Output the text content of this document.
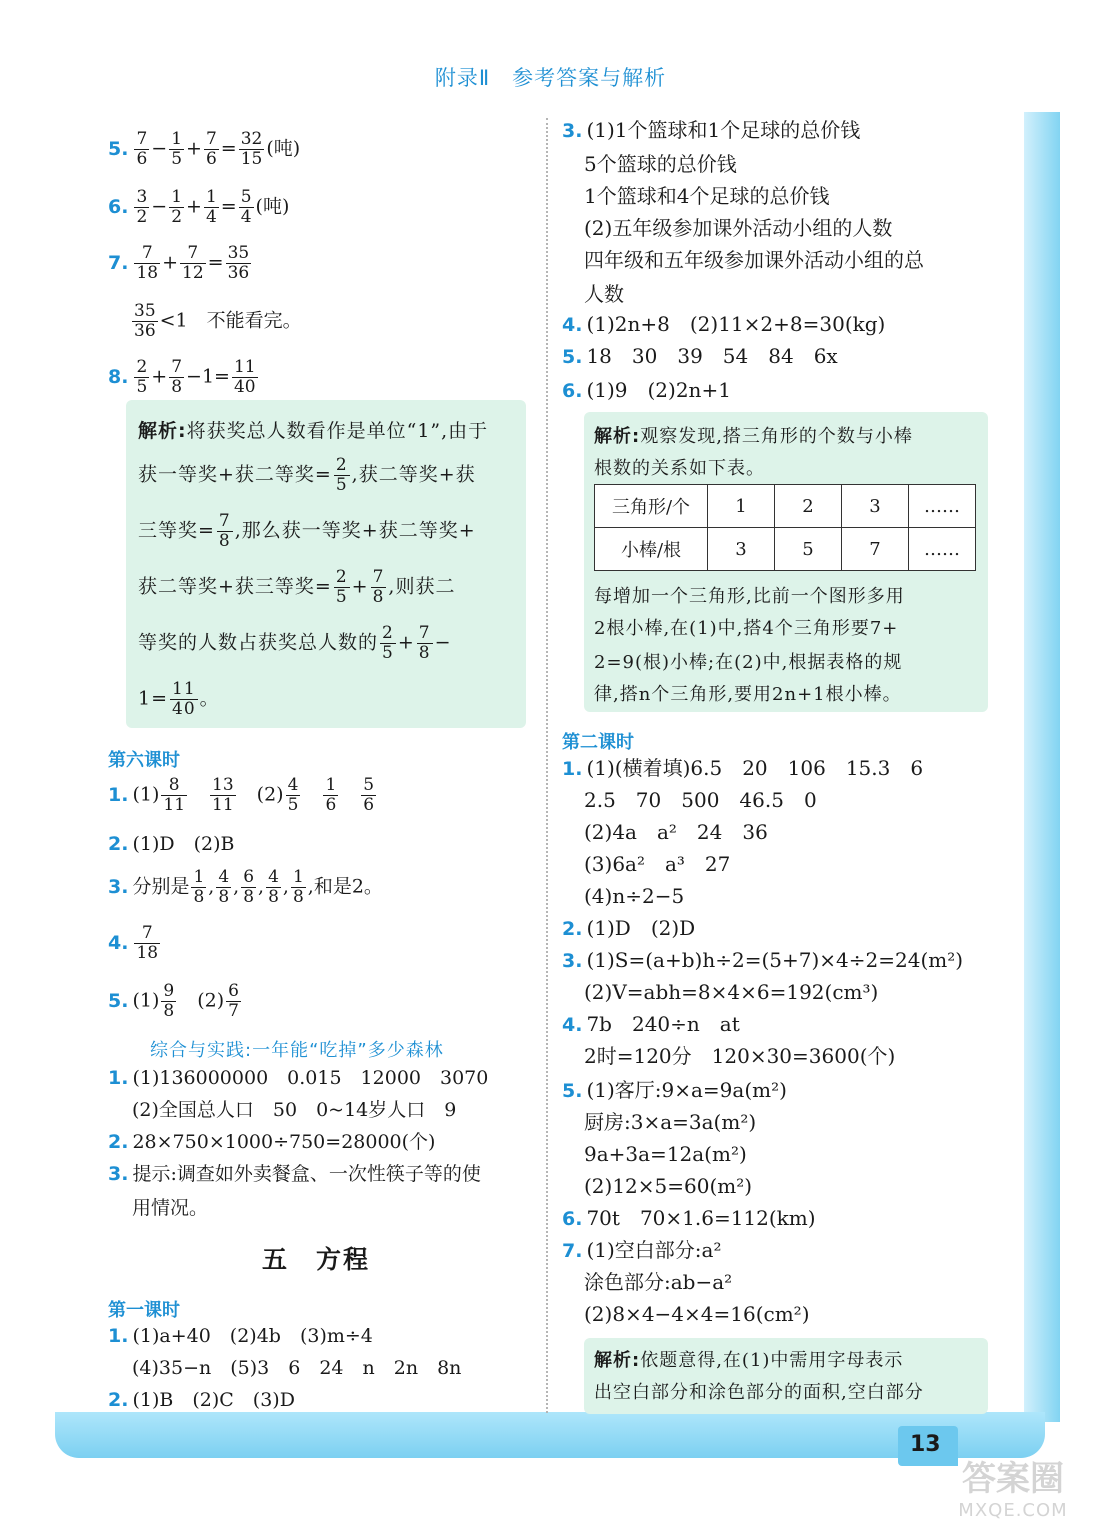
13
答案圈
MXQE.COM
附录Ⅱ　参考答案与解析
5. $\frac{7}{6} - \frac{1}{5} + \frac{7}{6} = \frac{32}{15}$ (吨)
6. $\frac{3}{2} - \frac{1}{2} + \frac{1}{4} = \frac{5}{4}$ (吨)
7. $\frac{7}{18} + \frac{7}{12} = \frac{35}{36}$
$\frac{35}{36} <1$　不能看完。
8. $\frac{2}{5} + \frac{7}{8} -1= \frac{11}{40}$
解析:将获奖总人数看作是单位“1”,由于
获一等奖+获二等奖= $\frac{2}{5}$ ,获二等奖+获
三等奖= $\frac{7}{8}$ ,那么获一等奖+获二等奖+
获二等奖+获三等奖= $\frac{2}{5} + \frac{7}{8}$ ,则获二
等奖的人数占获奖总人数的 $\frac{2}{5} + \frac{7}{8}$ −
$1= \frac{11}{40}$ 。
第六课时
1. $(1) \frac{8}{11}$
　 $\frac{13}{11}$ 　$(2) \frac{4}{5}$
　 $\frac{1}{6}$
　 $\frac{5}{6}$
2. (1)D　(2)B
3. 分别是 $\frac{1}{8}$ , $\frac{4}{8}$ , $\frac{6}{8}$ , $\frac{4}{8}$ , $\frac{1}{8}$ ,和是2。
4. $\frac{7}{18}$
5. $(1) \frac{9}{8}$ 　$(2) \frac{6}{7}$
综合与实践:一年能“吃掉”多少森林
1. (1)136000000　0.015　12000　3070
(2)全国总人口　50　0~14岁人口　9
2. 28×750×1000÷750=28000(个)
3. 提示:调查如外卖餐盒、一次性筷子等的使
用情况。
五　方程
第一课时
1. (1)a+40　(2)4b　(3)m÷4
(4)35−n　(5)3　6　24　n　2n　8n
2. (1)B　(2)C　(3)D
3. (1)1个篮球和1个足球的总价钱
5个篮球的总价钱
1个篮球和4个足球的总价钱
(2)五年级参加课外活动小组的人数
四年级和五年级参加课外活动小组的总
人数
4. (1)2n+8　(2)11×2+8=30(kg)
5. 18　30　39　54　84　6x
6. (1)9　(2)2n+1
解析:观察发现,搭三角形的个数与小棒
根数的关系如下表。
三角形/个	1	2	3	……
小棒/根	3	5	7	……
每增加一个三角形,比前一个图形多用
2根小棒,在(1)中,搭4个三角形要7+
2=9(根)小棒;在(2)中,根据表格的规
律,搭n个三角形,要用2n+1根小棒。
第二课时
1. (1)(横着填)6.5　20　106　15.3　6
2.5　70　500　46.5　0
(2)4a　a²　24　36
(3)6a²　a³　27
(4)n÷2−5
2. (1)D　(2)D
3. (1)S=(a+b)h÷2=(5+7)×4÷2=24(m²)
(2)V=abh=8×4×6=192(cm³)
4. 7b　240÷n　at
2时=120分　120×30=3600(个)
5. (1)客厅:9×a=9a(m²)
厨房:3×a=3a(m²)
9a+3a=12a(m²)
(2)12×5=60(m²)
6. 70t　70×1.6=112(km)
7. (1)空白部分:a²
涂色部分:ab−a²
(2)8×4−4×4=16(cm²)
解析:依题意得,在(1)中需用字母表示
出空白部分和涂色部分的面积,空白部分
